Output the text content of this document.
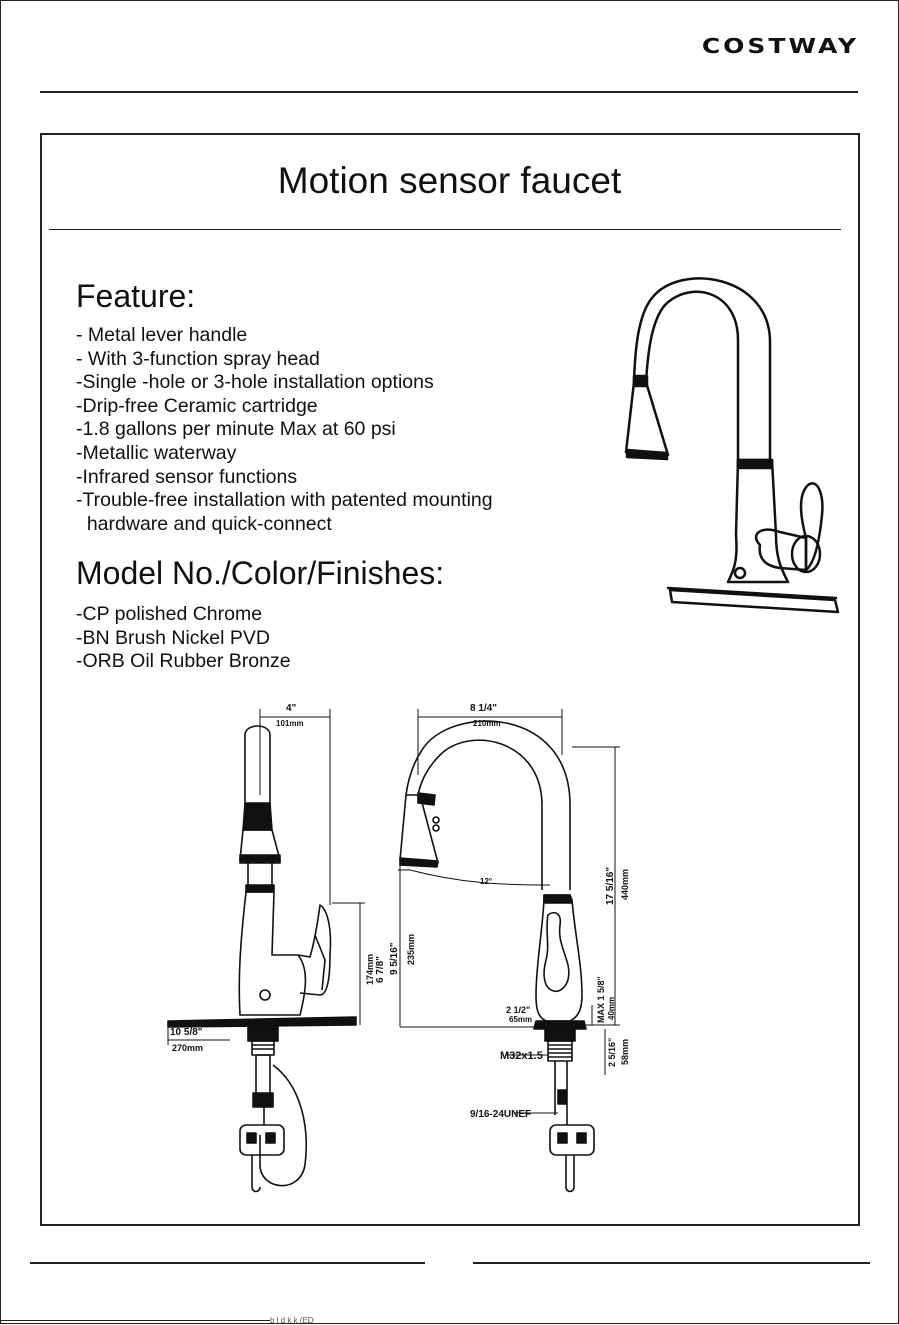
COSTWAY
Motion sensor faucet
Feature:
- Metal lever handle
- With 3-function spray head
-Single -hole or 3-hole installation options
-Drip-free Ceramic cartridge
-1.8 gallons per minute Max at 60 psi
-Metallic waterway
-Infrared sensor functions
-Trouble-free installation with patented mounting
hardware and quick-connect
Model No./Color/Finishes:
-CP polished Chrome
-BN Brush Nickel PVD
-ORB Oil Rubber Bronze
4"
101mm
10 5/8"
270mm
6 7/8"
174mm
8 1/4"
210mm
12°
9 5/16" 235mm
17 5/16" 440mm
2 1/2"
65mm	MAX 1 5/8" 40mm
2 5/16" 58mm
M32x1.5
9/16-24UNEF
b l d k k (ED
